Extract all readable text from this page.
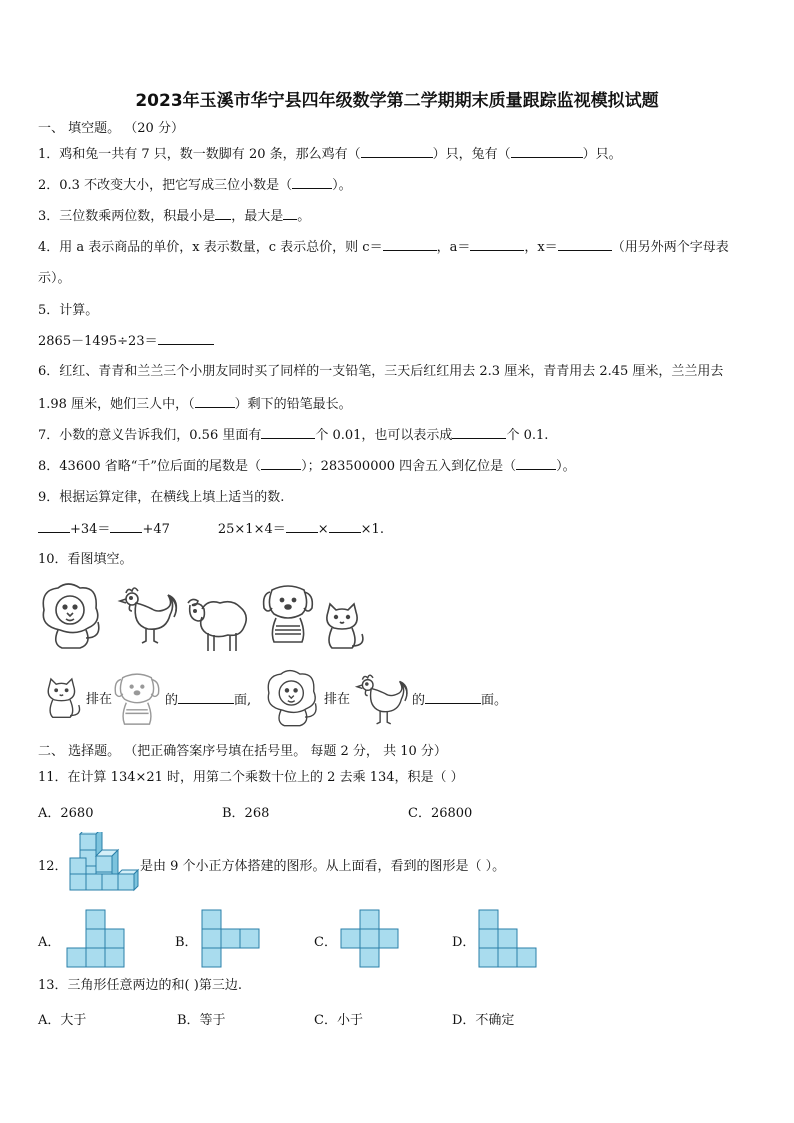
2023年玉溪市华宁县四年级数学第二学期期末质量跟踪监视模拟试题
一、 填空题。 （20 分）
1．鸡和兔一共有 7 只，数一数脚有 20 条，那么鸡有（	）只，兔有（	）只。
2．0.3 不改变大小，把它写成三位小数是（	）。
3．三位数乘两位数，积最小是 ，最大是 。
4．用 a 表示商品的单价，x 表示数量，c 表示总价，则 c＝	，a＝	，x＝	（用另外两个字母表
示）。
5．计算。
2865－1495÷23＝
6．红红、青青和兰兰三个小朋友同时买了同样的一支铅笔，三天后红红用去 2.3 厘米，青青用去 2.45 厘米，兰兰用去
1.98 厘米，她们三人中，（	）剩下的铅笔最长。
7．小数的意义告诉我们，0.56 里面有	个 0.01，也可以表示成	个 0.1.
8．43600 省略“千”位后面的尾数是（	）；283500000 四舍五入到亿位是（	）。
9．根据运算定律，在横线上填上适当的数.
+34＝ +47	25×1×4＝ × ×1.
10．看图填空。
排在	的	面,	排在	的	面。
二、 选择题。 （把正确答案序号填在括号里。 每题 2 分， 共 10 分）
11．在计算 134×21 时，用第二个乘数十位上的 2 去乘 134，积是（ ）
A．2680	B．268	C．26800
12．	是由 9 个小正方体搭建的图形。从上面看，看到的图形是（ ）。
A．	B．	C．	D．
13．三角形任意两边的和( )第三边.
A．大于	B．等于	C．小于	D．不确定
